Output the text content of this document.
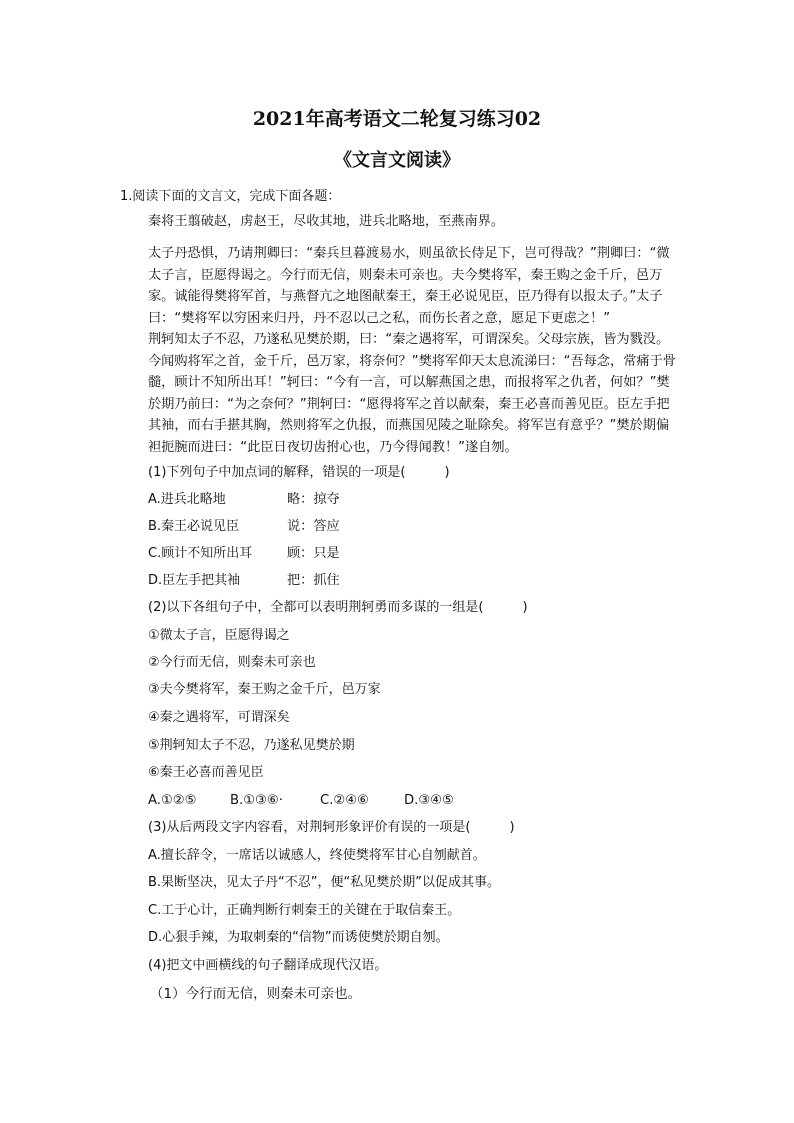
2021年高考语文二轮复习练习02
《文言文阅读》
1.阅读下面的文言文，完成下面各题：
秦将王翦破赵，虏赵王，尽收其地，进兵北略地，至燕南界。
太子丹恐惧，乃请荆卿曰：“秦兵旦暮渡易水，则虽欲长侍足下，岂可得哉？”荆卿曰：“微太子言，臣愿得谒之。今行而无信，则秦未可亲也。夫今樊将军，秦王购之金千斤，邑万家。诚能得樊将军首，与燕督亢之地图献秦王，秦王必说见臣，臣乃得有以报太子。”太子曰：“樊将军以穷困来归丹，丹不忍以己之私，而伤长者之意，愿足下更虑之！”
荆轲知太子不忍，乃遂私见樊於期，曰：“秦之遇将军，可谓深矣。父母宗族，皆为戮没。今闻购将军之首，金千斤，邑万家，将奈何？”樊将军仰天太息流涕曰：“吾每念，常痛于骨髓，顾计不知所出耳！”轲曰：“今有一言，可以解燕国之患，而报将军之仇者，何如？”樊於期乃前曰：“为之奈何？”荆轲曰：“愿得将军之首以献秦，秦王必喜而善见臣。臣左手把其袖，而右手揕其胸，然则将军之仇报，而燕国见陵之耻除矣。将军岂有意乎？”樊於期偏袒扼腕而进曰：“此臣日夜切齿拊心也，乃今得闻教！”遂自刎。
(1)下列句子中加点词的解释，错误的一项是(　　　)
A.进兵北略地	略：掠夺
B.秦王必说见臣	说：答应
C.顾计不知所出耳	顾：只是
D.臣左手把其袖	把：抓住
(2)以下各组句子中，全都可以表明荆轲勇而多谋的一组是(　　　)
①微太子言，臣愿得谒之
②今行而无信，则秦未可亲也
③夫今樊将军，秦王购之金千斤，邑万家
④秦之遇将军，可谓深矣
⑤荆轲知太子不忍，乃遂私见樊於期
⑥秦王必喜而善见臣
A.①②⑤	B.①③⑥·	C.②④⑥	D.③④⑤
(3)从后两段文字内容看，对荆轲形象评价有误的一项是(　　　)
A.擅长辞令，一席话以诚感人，终使樊将军甘心自刎献首。
B.果断坚决，见太子丹“不忍”，便“私见樊於期”以促成其事。
C.工于心计，正确判断行刺秦王的关键在于取信秦王。
D.心狠手辣，为取刺秦的“信物”而诱使樊於期自刎。
(4)把文中画横线的句子翻译成现代汉语。
（1）今行而无信，则秦未可亲也。
